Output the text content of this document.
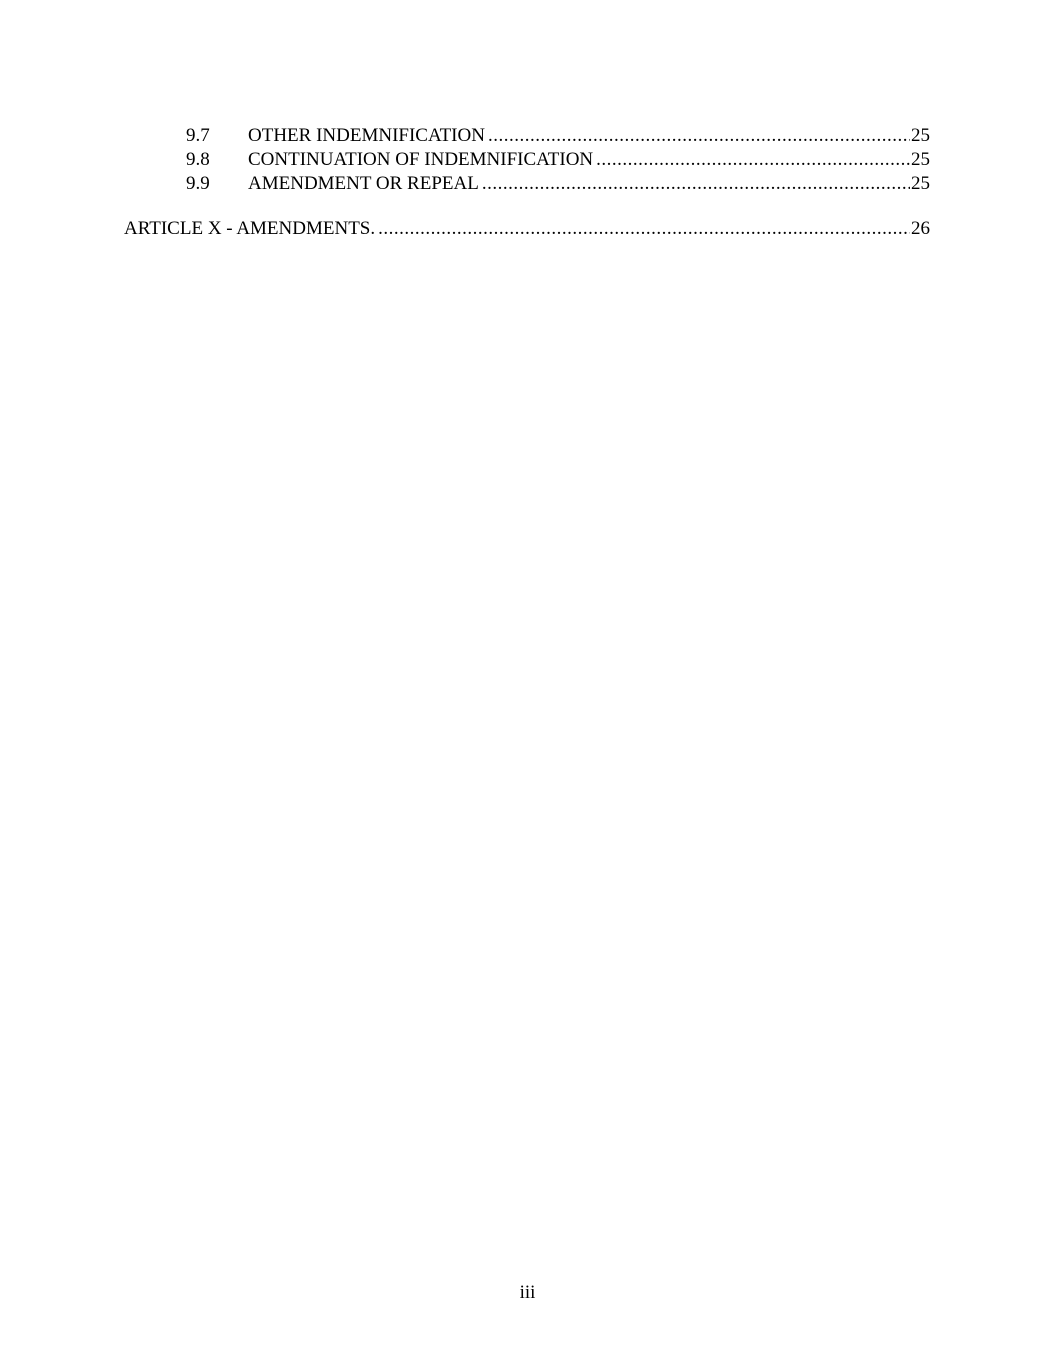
9.7	OTHER INDEMNIFICATION .....	25
9.8	CONTINUATION OF INDEMNIFICATION .....	25
9.9	AMENDMENT OR REPEAL .....	25
ARTICLE X - AMENDMENTS. .....	26
iii
